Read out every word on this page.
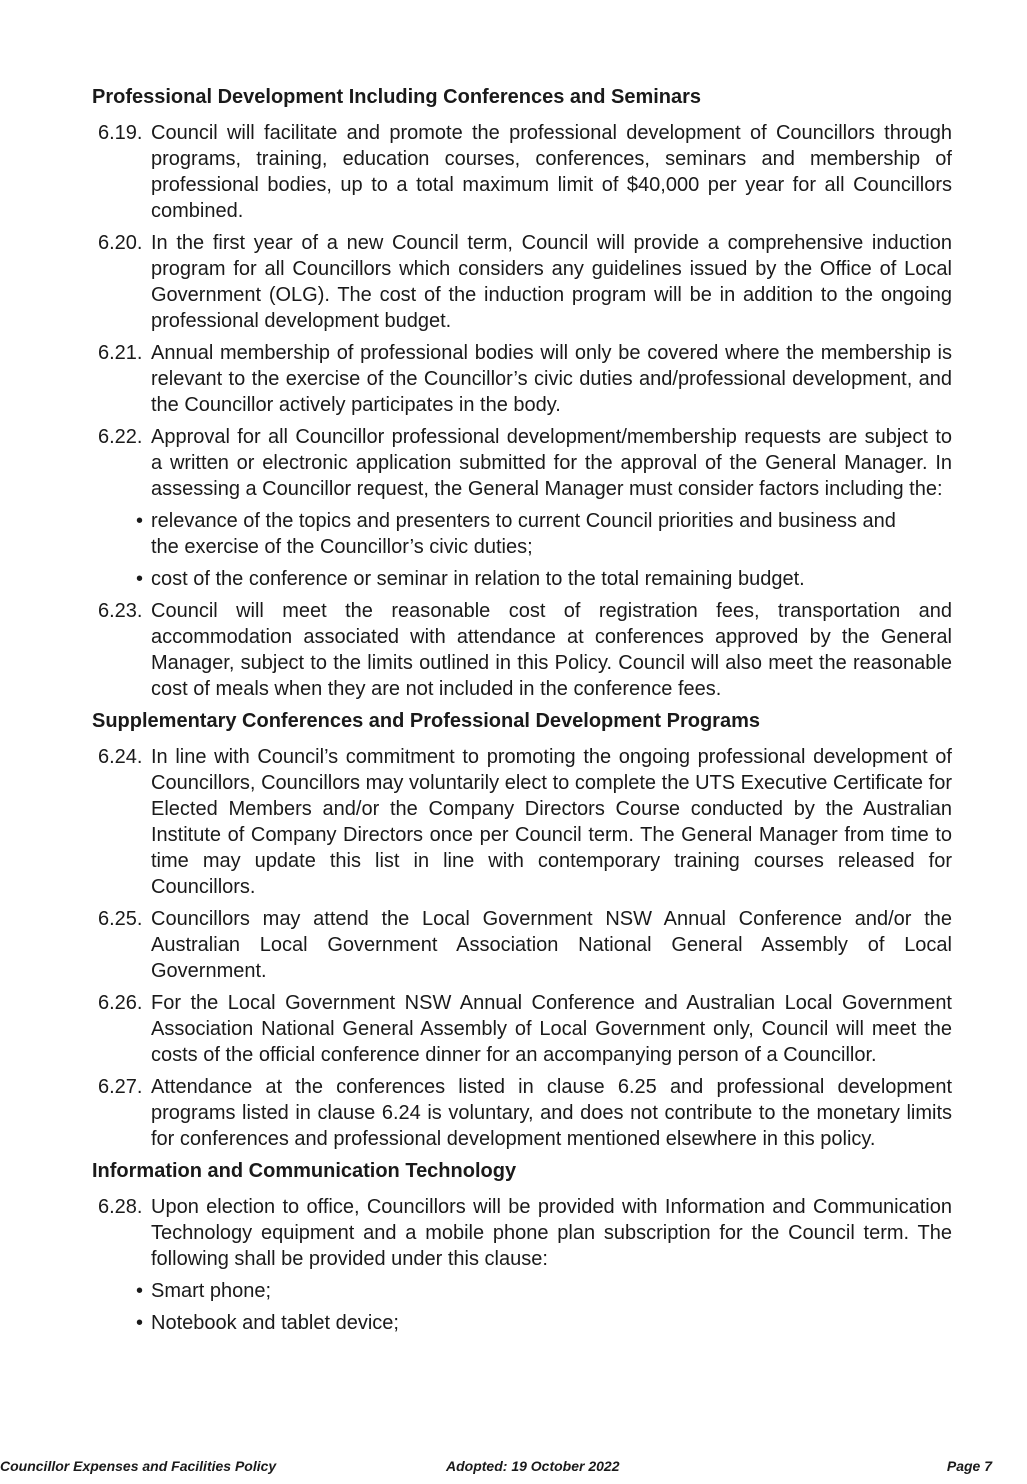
Professional Development Including Conferences and Seminars
6.19. Council will facilitate and promote the professional development of Councillors through programs, training, education courses, conferences, seminars and membership of professional bodies, up to a total maximum limit of $40,000 per year for all Councillors combined.
6.20. In the first year of a new Council term, Council will provide a comprehensive induction program for all Councillors which considers any guidelines issued by the Office of Local Government (OLG). The cost of the induction program will be in addition to the ongoing professional development budget.
6.21. Annual membership of professional bodies will only be covered where the membership is relevant to the exercise of the Councillor’s civic duties and/professional development, and the Councillor actively participates in the body.
6.22. Approval for all Councillor professional development/membership requests are subject to a written or electronic application submitted for the approval of the General Manager. In assessing a Councillor request, the General Manager must consider factors including the:
• relevance of the topics and presenters to current Council priorities and business and the exercise of the Councillor’s civic duties;
• cost of the conference or seminar in relation to the total remaining budget.
6.23. Council will meet the reasonable cost of registration fees, transportation and accommodation associated with attendance at conferences approved by the General Manager, subject to the limits outlined in this Policy. Council will also meet the reasonable cost of meals when they are not included in the conference fees.
Supplementary Conferences and Professional Development Programs
6.24. In line with Council’s commitment to promoting the ongoing professional development of Councillors, Councillors may voluntarily elect to complete the UTS Executive Certificate for Elected Members and/or the Company Directors Course conducted by the Australian Institute of Company Directors once per Council term. The General Manager from time to time may update this list in line with contemporary training courses released for Councillors.
6.25. Councillors may attend the Local Government NSW Annual Conference and/or the Australian Local Government Association National General Assembly of Local Government.
6.26. For the Local Government NSW Annual Conference and Australian Local Government Association National General Assembly of Local Government only, Council will meet the costs of the official conference dinner for an accompanying person of a Councillor.
6.27. Attendance at the conferences listed in clause 6.25 and professional development programs listed in clause 6.24 is voluntary, and does not contribute to the monetary limits for conferences and professional development mentioned elsewhere in this policy.
Information and Communication Technology
6.28. Upon election to office, Councillors will be provided with Information and Communication Technology equipment and a mobile phone plan subscription for the Council term. The following shall be provided under this clause:
• Smart phone;
• Notebook and tablet device;
Councillor Expenses and Facilities Policy	Adopted: 19 October 2022	Page 7
